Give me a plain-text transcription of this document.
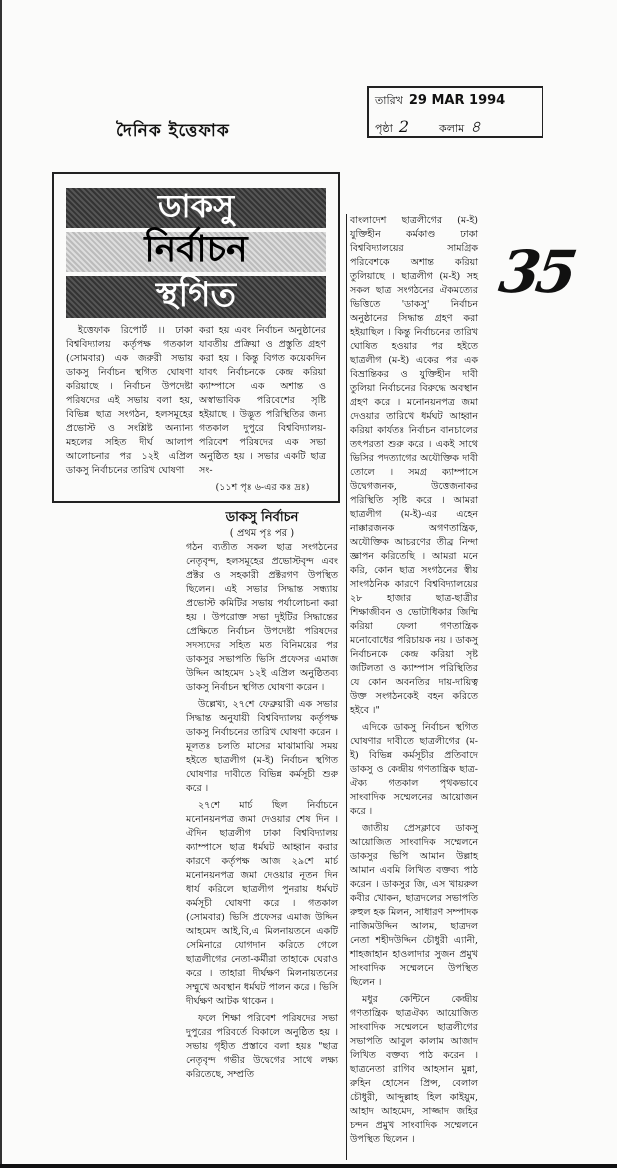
দৈনিক ইত্তেফাক
তারিখ 29 MAR 1994
পৃষ্ঠা 2	কলাম ৪
35
ডাকসু
নির্বাচন
স্থগিত

ইত্তেফাক রিপোর্ট ।। ঢাকা বিশ্ববিদ্যালয় কর্তৃপক্ষ গতকাল (সোমবার) এক জরুরী সভায় ডাকসু নির্বাচন স্থগিত ঘোষণা করিয়াছে । নির্বাচন উপদেষ্টা পরিষদের এই সভায় বলা হয়, বিভিন্ন ছাত্র সংগঠন, হলসমূহের প্রভোস্ট ও সংশ্লিষ্ট অন্যান্য মহলের সহিত দীর্ঘ আলাপ আলোচনার পর ১২ই এপ্রিল ডাকসু নির্বাচনের তারিখ ঘোষণা

করা হয় এবং নির্বাচন অনুষ্ঠানের যাবতীয় প্রক্রিয়া ও প্রস্তুতি গ্রহণ করা হয় । কিন্তু বিগত কয়েকদিন যাবৎ নির্বাচনকে কেন্দ্র করিয়া ক্যাম্পাসে এক অশান্ত ও অস্বাভাবিক পরিবেশের সৃষ্টি হইয়াছে । উদ্ভূত পরিস্থিতির জন্য গতকাল দুপুরে বিশ্ববিদ্যালয়-পরিবেশ পরিষদের এক সভা অনুষ্ঠিত হয় । সভার একটি ছাত্র সং-

(১১শ পৃঃ ৬-এর কঃ দ্রঃ)
ডাকসু নির্বাচন
( প্রথম পৃঃ পর )

গঠন ব্যতীত সকল ছাত্র সংগঠনের নেতৃবৃন্দ, হলসমূহের প্রভোস্টবৃন্দ এবং প্রক্টর ও সহকারী প্রক্টরগণ উপস্থিত ছিলেন। এই সভার সিদ্ধান্ত সন্ধ্যায় প্রভোস্ট কমিটির সভায় পর্যালোচনা করা হয় । উপরোক্ত সভা দুইটির সিদ্ধান্তের প্রেক্ষিতে নির্বাচন উপদেষ্টা পরিষদের সদস্যদের সহিত মত বিনিময়ের পর ডাকসুর সভাপতি ভিসি প্রফেসর এমাজ উদ্দিন আহমেদ ১২ই এপ্রিল অনুষ্ঠিতব্য ডাকসু নির্বাচন স্থগিত ঘোষণা করেন ।

উল্লেখ্য, ২৭শে ফেব্রুয়ারী এক সভার সিদ্ধান্ত অনুযায়ী বিশ্ববিদ্যালয় কর্তৃপক্ষ ডাকসু নির্বাচনের তারিখ ঘোষণা করেন । মূলতঃ চলতি মাসের মাঝামাঝি সময় হইতে ছাত্রলীগ (ম-ই) নির্বাচন স্থগিত ঘোষণার দাবীতে বিভিন্ন কর্মসূচী শুরু করে ।

২৭শে মার্চ ছিল নির্বাচনে মনোনয়নপত্র জমা দেওয়ার শেষ দিন । ঐদিন ছাত্রলীগ ঢাকা বিশ্ববিদ্যালয় ক্যাম্পাসে ছাত্র ধর্মঘট আহ্বান করার কারণে কর্তৃপক্ষ আজ ২৯শে মার্চ মনোনয়নপত্র জমা দেওয়ার নূতন দিন ধার্য করিলে ছাত্রলীগ পুনরায় ধর্মঘট কর্মসূচী ঘোষণা করে । গতকাল (সোমবার) ভিসি প্রফেসর এমাজ উদ্দিন আহমেদ আই,বি,এ মিলনায়তনে একটি সেমিনারে যোগদান করিতে গেলে ছাত্রলীগের নেতা-কর্মীরা তাহাকে ঘেরাও করে । তাহারা দীর্ঘক্ষণ মিলনায়তনের সম্মুখে অবস্থান ধর্মঘট পালন করে । ভিসি দীর্ঘক্ষণ আটক থাকেন ।

ফলে শিক্ষা পরিবেশ পরিষদের সভা দুপুরের পরিবর্তে বিকালে অনুষ্ঠিত হয় । সভায় গৃহীত প্রস্তাবে বলা হয়ঃ "ছাত্র নেতৃবৃন্দ গভীর উদ্বেগের সাথে লক্ষ্য করিতেছে, সম্প্রতি

বাংলাদেশ ছাত্রলীগের (ম-ই) যুক্তিহীন কর্মকাণ্ড ঢাকা বিশ্ববিদ্যালয়ের সামগ্রিক পরিবেশকে অশান্ত করিয়া তুলিয়াছে । ছাত্রলীগ (ম-ই) সহ সকল ছাত্র সংগঠনের ঐকমত্যের ভিত্তিতে 'ডাকসু' নির্বাচন অনুষ্ঠানের সিদ্ধান্ত গ্রহণ করা হইয়াছিল । কিন্তু নির্বাচনের তারিখ ঘোষিত হওয়ার পর হইতে ছাত্রলীগ (ম-ই) একের পর এক বিভ্রান্তিকর ও যুক্তিহীন দাবী তুলিয়া নির্বাচনের বিরুদ্ধে অবস্থান গ্রহণ করে । মনোনয়নপত্র জমা দেওয়ার তারিখে ধর্মঘট আহ্বান করিয়া কার্যতঃ নির্বাচন বানচালের তৎপরতা শুরু করে । একই সাথে ভিসির পদত্যাগের অযৌক্তিক দাবী তোলে । সমগ্র ক্যাম্পাসে উদ্বেগজনক, উত্তেজনাকর পরিস্থিতি সৃষ্টি করে । আমরা ছাত্রলীগ (ম-ই)-এর এহেন নাক্কারজনক অগণতান্ত্রিক, অযৌক্তিক আচরণের তীব্র নিন্দা জ্ঞাপন করিতেছি । আমরা মনে করি, কোন ছাত্র সংগঠনের স্বীয় সাংগঠনিক কারণে বিশ্ববিদ্যালয়ের ২৮ হাজার ছাত্র-ছাত্রীর শিক্ষাজীবন ও ভোটাধিকার জিম্মি করিয়া ফেলা গণতান্ত্রিক মনোবোধের পরিচায়ক নয় । ডাকসু নির্বাচনকে কেন্দ্র করিয়া সৃষ্ট জটিলতা ও ক্যাম্পাস পরিস্থিতির যে কোন অবনতির দায়-দায়িত্ব উক্ত সংগঠনকেই বহন করিতে হইবে ।"

এদিকে ডাকসু নির্বাচন স্থগিত ঘোষণার দাবীতে ছাত্রলীগের (ম-ই) বিভিন্ন কর্মসূচীর প্রতিবাদে ডাকসু ও কেন্দ্রীয় গণতান্ত্রিক ছাত্র-ঐক্য গতকাল পৃথকভাবে সাংবাদিক সম্মেলনের আয়োজন করে ।

জাতীয় প্রেসক্লাবে ডাকসু আয়োজিত সাংবাদিক সম্মেলনে ডাকসুর ভিপি আমান উল্লাহ আমান এবমি লিখিত বক্তব্য পাঠ করেন । ডাকসুর জি, এস খায়রুল কবীর খোকন, ছাত্রদলের সভাপতি রুহুল হক মিলন, সাধারণ সম্পাদক নাজিমউদ্দিন আলম, ছাত্রদল নেতা শহীদউদ্দিন চৌধুরী এ্যানী, শাহজাহান হাওলাদার সুজন প্রমুখ সাংবাদিক সম্মেলনে উপস্থিত ছিলেন ।

মধুর কেন্টিনে কেন্দ্রীয় গণতান্ত্রিক ছাত্রঐক্য আয়োজিত সাংবাদিক সম্মেলনে ছাত্রলীগের সভাপতি আবুল কালাম আজাদ লিখিত বক্তব্য পাঠ করেন । ছাত্রনেতা রাগিব আহসান মুন্না, রুহিন হোসেন প্রিন্স, বেলাল চৌধুরী, আব্দুল্লাহ হিল কাইয়ুম, আহাদ আহমেদ, সাজ্জাদ জহির চন্দন প্রমুখ সাংবাদিক সম্মেলনে উপস্থিত ছিলেন ।
